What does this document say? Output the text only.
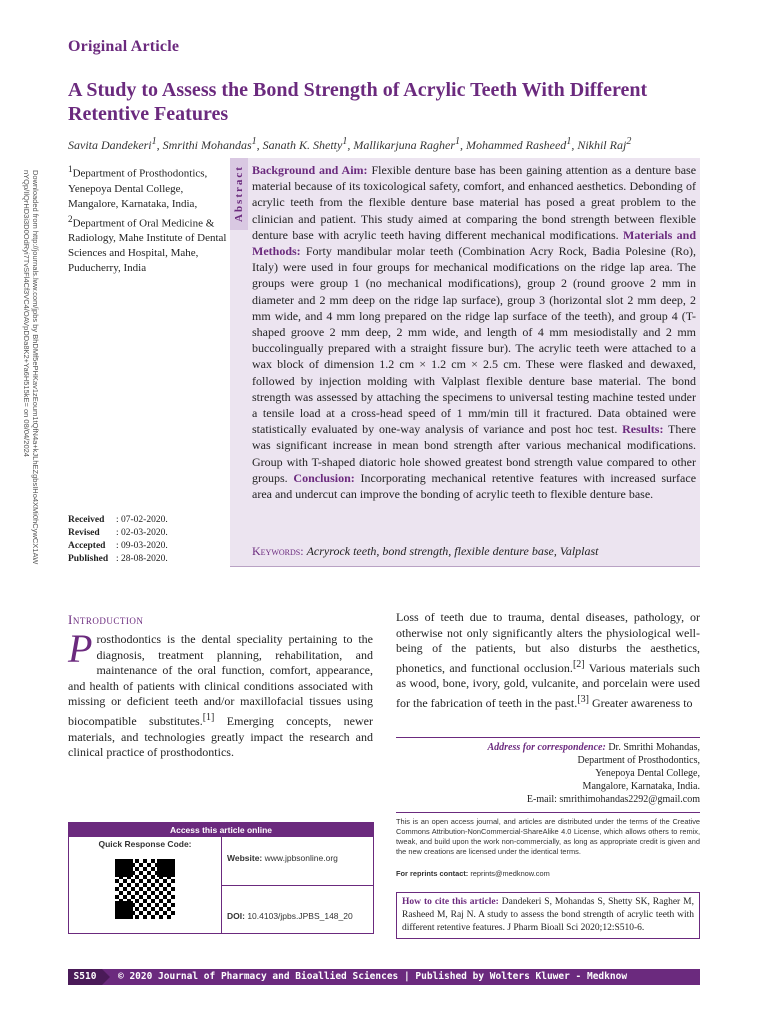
Original Article
A Study to Assess the Bond Strength of Acrylic Teeth With Different Retentive Features
Savita Dandekeri$^1$, Smrithi Mohandas$^1$, Sanath K. Shetty$^1$, Mallikarjuna Ragher$^1$, Mohammed Rasheed$^1$, Nikhil Raj$^2$
Downloaded from http://journals.lww.com/jpbs by BhDMf5ePHKav1zEoum1tQfN4a+kJLhEZgbsIHo4XMi0hCywCX1AW nYQp/IlQrHD3i3D0OdRyi7TvSFl4Cf3VC4/OAVpDDa8K2+Ya6H515kE= on 08/04/2024
$^1$Department of Prosthodontics, Yenepoya Dental College, Mangalore, Karnataka, India,
$^2$Department of Oral Medicine & Radiology, Mahe Institute of Dental Sciences and Hospital, Mahe, Puducherry, India
Received	: 07-02-2020.
Revised	: 02-03-2020.
Accepted	: 09-03-2020.
Published	: 28-08-2020.
Abstract Background and Aim: Flexible denture base has been gaining attention as a denture base material because of its toxicological safety, comfort, and enhanced aesthetics. Debonding of acrylic teeth from the flexible denture base material has posed a great problem to the clinician and patient. This study aimed at comparing the bond strength between flexible denture base with acrylic teeth having different mechanical modifications. Materials and Methods: Forty mandibular molar teeth (Combination Acry Rock, Badia Polesine (Ro), Italy) were used in four groups for mechanical modifications on the ridge lap area. The groups were group 1 (no mechanical modifications), group 2 (round groove 2 mm in diameter and 2 mm deep on the ridge lap surface), group 3 (horizontal slot 2 mm deep, 2 mm wide, and 4 mm long prepared on the ridge lap surface of the teeth), and group 4 (T-shaped groove 2 mm deep, 2 mm wide, and length of 4 mm mesiodistally and 2 mm buccolingually prepared with a straight fissure bur). The acrylic teeth were attached to a wax block of dimension 1.2 cm × 1.2 cm × 2.5 cm. These were flasked and dewaxed, followed by injection molding with Valplast flexible denture base material. The bond strength was assessed by attaching the specimens to universal testing machine tested under a tensile load at a cross-head speed of 1 mm/min till it fractured. Data obtained were statistically evaluated by one-way analysis of variance and post hoc test. Results: There was significant increase in mean bond strength after various mechanical modifications. Group with T-shaped diatoric hole showed greatest bond strength value compared to other groups. Conclusion: Incorporating mechanical retentive features with increased surface area and undercut can improve the bonding of acrylic teeth to flexible denture base.
Keywords: Acryrock teeth, bond strength, flexible denture base, Valplast
Introduction
Prosthodontics is the dental speciality pertaining to the diagnosis, treatment planning, rehabilitation, and maintenance of the oral function, comfort, appearance, and health of patients with clinical conditions associated with missing or deficient teeth and/or maxillofacial tissues using biocompatible substitutes.[1] Emerging concepts, newer materials, and technologies greatly impact the research and clinical practice of prosthodontics.
Loss of teeth due to trauma, dental diseases, pathology, or otherwise not only significantly alters the physiological well-being of the patients, but also disturbs the aesthetics, phonetics, and functional occlusion.[2] Various materials such as wood, bone, ivory, gold, vulcanite, and porcelain were used for the fabrication of teeth in the past.[3] Greater awareness to
Address for correspondence: Dr. Smrithi Mohandas,
Department of Prosthodontics,
Yenepoya Dental College,
Mangalore, Karnataka, India.
E-mail: smrithimohandas2292@gmail.com
This is an open access journal, and articles are distributed under the terms of the Creative Commons Attribution-NonCommercial-ShareAlike 4.0 License, which allows others to remix, tweak, and build upon the work non-commercially, as long as appropriate credit is given and the new creations are licensed under the identical terms.
For reprints contact: reprints@medknow.com
Access this article online
Quick Response Code:
Website: www.jpbsonline.org
DOI: 10.4103/jpbs.JPBS_148_20
How to cite this article: Dandekeri S, Mohandas S, Shetty SK, Ragher M, Rasheed M, Raj N. A study to assess the bond strength of acrylic teeth with different retentive features. J Pharm Bioall Sci 2020;12:S510-6.
S510	© 2020 Journal of Pharmacy and Bioallied Sciences | Published by Wolters Kluwer - Medknow
